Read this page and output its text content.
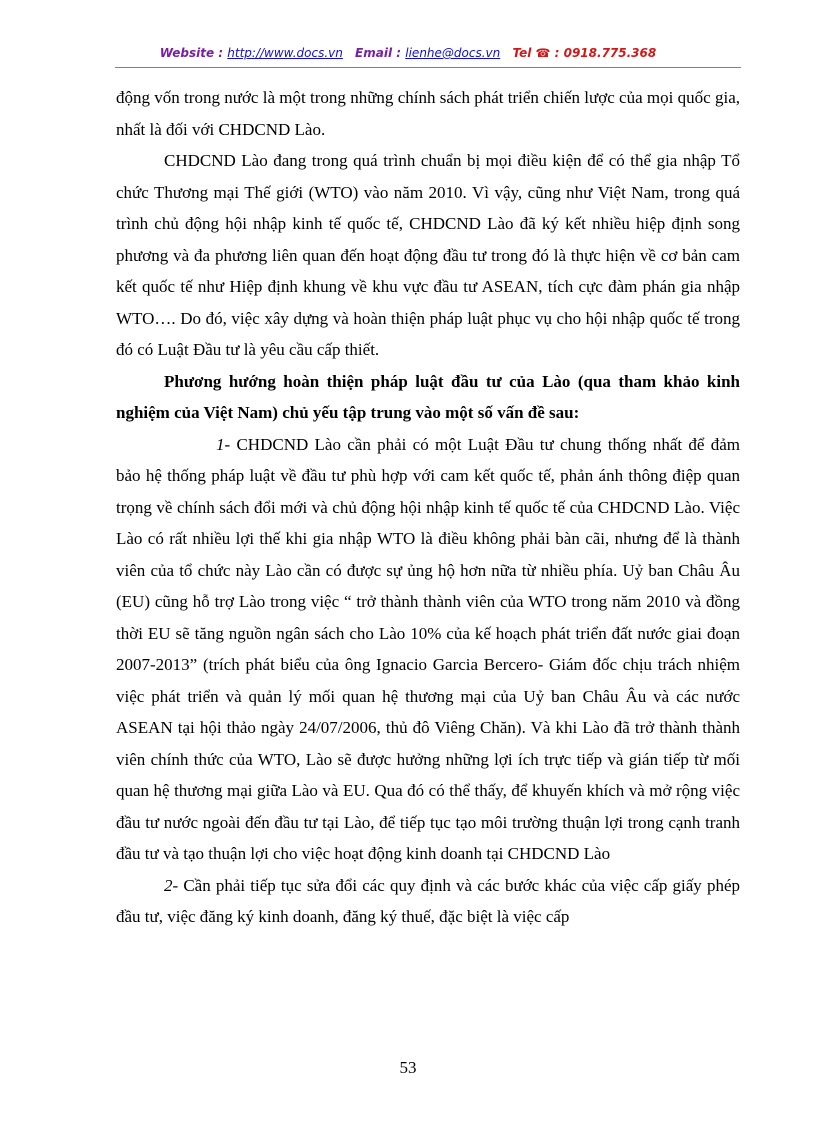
Website : http://www.docs.vn Email : lienhe@docs.vn Tel ☎ : 0918.775.368

động vốn trong nước là một trong những chính sách phát triển chiến lược của mọi quốc gia, nhất là đối với CHDCND Lào.

CHDCND Lào đang trong quá trình chuẩn bị mọi điều kiện để có thể gia nhập Tổ chức Thương mại Thế giới (WTO) vào năm 2010. Vì vậy, cũng như Việt Nam, trong quá trình chủ động hội nhập kinh tế quốc tế, CHDCND Lào đã ký kết nhiều hiệp định song phương và đa phương liên quan đến hoạt động đầu tư trong đó là thực hiện về cơ bản cam kết quốc tế như Hiệp định khung về khu vực đầu tư ASEAN, tích cực đàm phán gia nhập WTO…. Do đó, việc xây dựng và hoàn thiện pháp luật phục vụ cho hội nhập quốc tế trong đó có Luật Đầu tư là yêu cầu cấp thiết.

Phương hướng hoàn thiện pháp luật đầu tư của Lào (qua tham khảo kinh nghiệm của Việt Nam) chủ yếu tập trung vào một số vấn đề sau:

1- CHDCND Lào cần phải có một Luật Đầu tư chung thống nhất để đảm bảo hệ thống pháp luật về đầu tư phù hợp với cam kết quốc tế, phản ánh thông điệp quan trọng về chính sách đổi mới và chủ động hội nhập kinh tế quốc tế của CHDCND Lào. Việc Lào có rất nhiều lợi thế khi gia nhập WTO là điều không phải bàn cãi, nhưng để là thành viên của tổ chức này Lào cần có được sự ủng hộ hơn nữa từ nhiều phía. Uỷ ban Châu Âu (EU) cũng hỗ trợ Lào trong việc “ trở thành thành viên của WTO trong năm 2010 và đồng thời EU sẽ tăng nguồn ngân sách cho Lào 10% của kế hoạch phát triển đất nước giai đoạn 2007-2013” (trích phát biểu của ông Ignacio Garcia Bercero- Giám đốc chịu trách nhiệm việc phát triển và quản lý mối quan hệ thương mại của Uỷ ban Châu Âu và các nước ASEAN tại hội thảo ngày 24/07/2006, thủ đô Viêng Chăn). Và khi Lào đã trở thành thành viên chính thức của WTO, Lào sẽ được hưởng những lợi ích trực tiếp và gián tiếp từ mối quan hệ thương mại giữa Lào và EU. Qua đó có thể thấy, để khuyến khích và mở rộng việc đầu tư nước ngoài đến đầu tư tại Lào, để tiếp tục tạo môi trường thuận lợi trong cạnh tranh đầu tư và tạo thuận lợi cho việc hoạt động kinh doanh tại CHDCND Lào

2- Cần phải tiếp tục sửa đổi các quy định và các bước khác của việc cấp giấy phép đầu tư, việc đăng ký kinh doanh, đăng ký thuế, đặc biệt là việc cấp

53
